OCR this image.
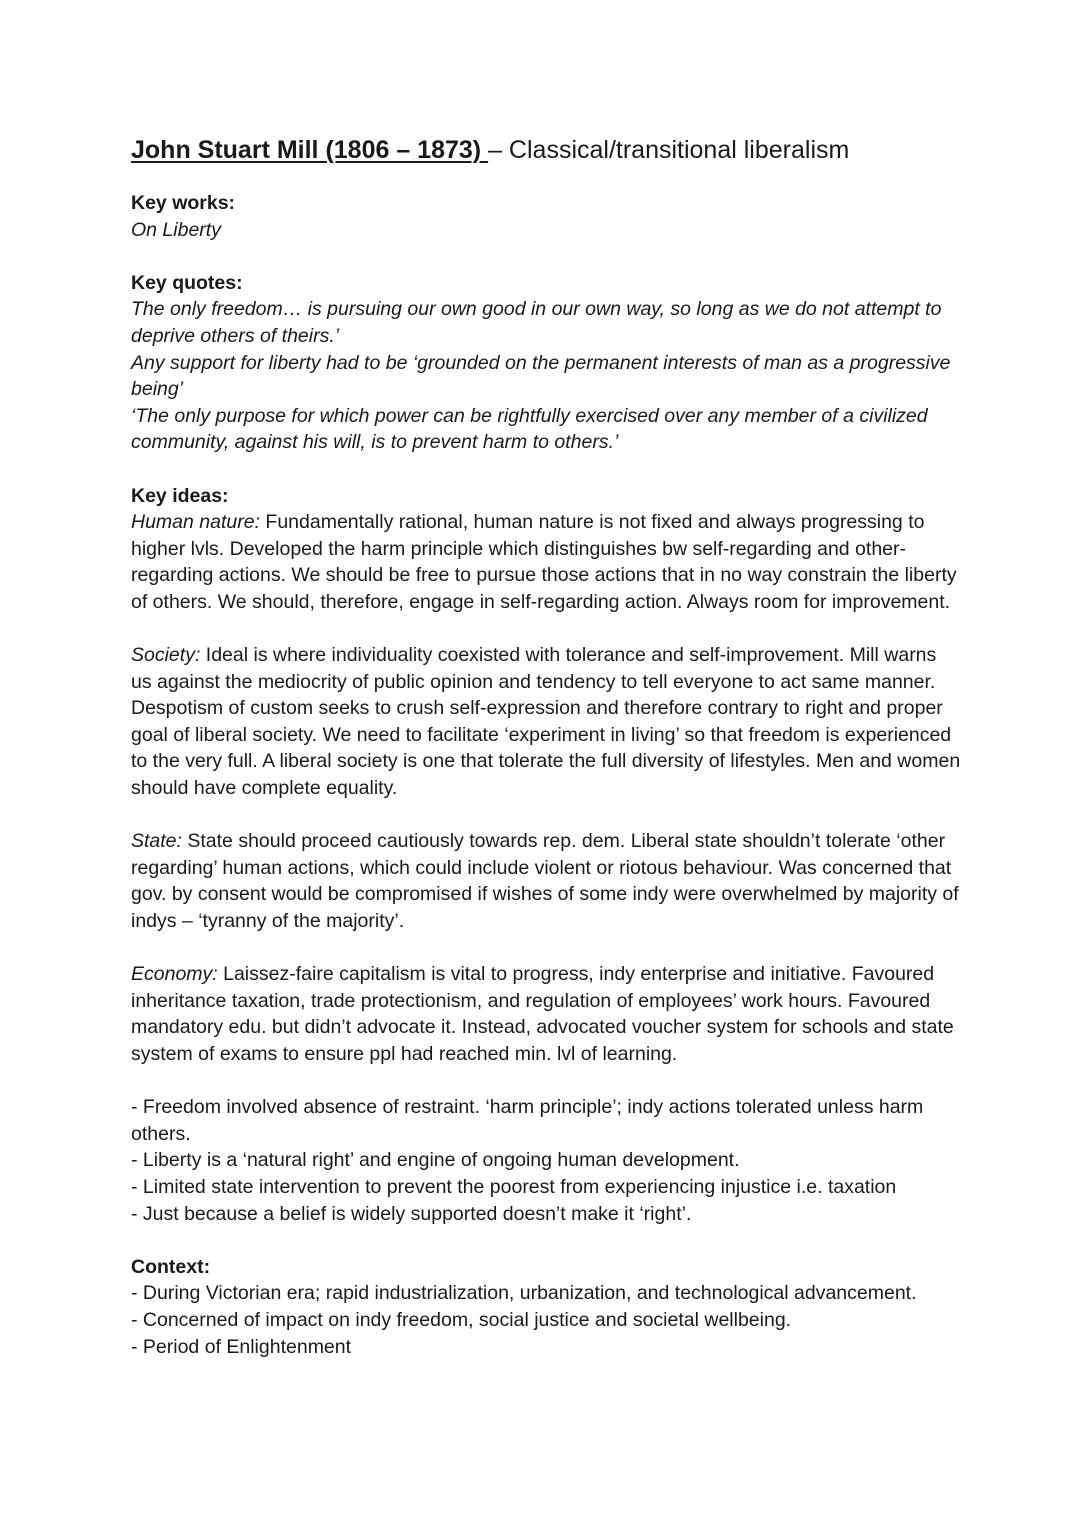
John Stuart Mill (1806 – 1873) – Classical/transitional liberalism

Key works:

On Liberty

Key quotes:

The only freedom… is pursuing our own good in our own way, so long as we do not attempt to deprive others of theirs.’

Any support for liberty had to be ‘grounded on the permanent interests of man as a progressive being’

‘The only purpose for which power can be rightfully exercised over any member of a civilized community, against his will, is to prevent harm to others.’

Key ideas:

Human nature: Fundamentally rational, human nature is not fixed and always progressing to higher lvls. Developed the harm principle which distinguishes bw self-regarding and other-regarding actions. We should be free to pursue those actions that in no way constrain the liberty of others. We should, therefore, engage in self-regarding action. Always room for improvement.

Society: Ideal is where individuality coexisted with tolerance and self-improvement. Mill warns us against the mediocrity of public opinion and tendency to tell everyone to act same manner. Despotism of custom seeks to crush self-expression and therefore contrary to right and proper goal of liberal society. We need to facilitate ‘experiment in living’ so that freedom is experienced to the very full. A liberal society is one that tolerate the full diversity of lifestyles. Men and women should have complete equality.

State: State should proceed cautiously towards rep. dem. Liberal state shouldn’t tolerate ‘other regarding’ human actions, which could include violent or riotous behaviour. Was concerned that gov. by consent would be compromised if wishes of some indy were overwhelmed by majority of indys – ‘tyranny of the majority’.

Economy: Laissez-faire capitalism is vital to progress, indy enterprise and initiative. Favoured inheritance taxation, trade protectionism, and regulation of employees’ work hours. Favoured mandatory edu. but didn’t advocate it. Instead, advocated voucher system for schools and state system of exams to ensure ppl had reached min. lvl of learning.

- Freedom involved absence of restraint. ‘harm principle’; indy actions tolerated unless harm others.

- Liberty is a ‘natural right’ and engine of ongoing human development.

- Limited state intervention to prevent the poorest from experiencing injustice i.e. taxation

- Just because a belief is widely supported doesn’t make it ‘right’.

Context:

- During Victorian era; rapid industrialization, urbanization, and technological advancement.

- Concerned of impact on indy freedom, social justice and societal wellbeing.

- Period of Enlightenment
